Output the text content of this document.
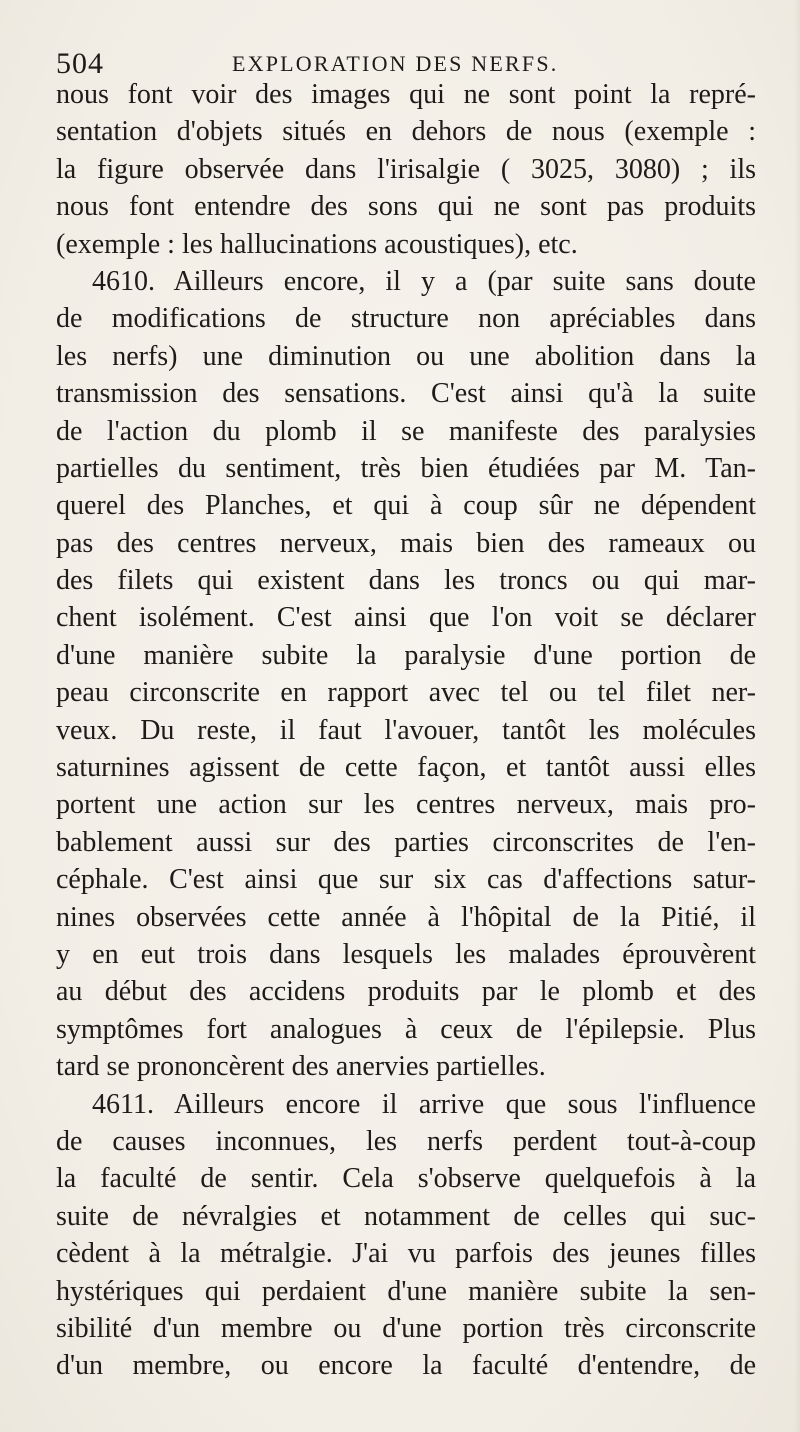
504	EXPLORATION DES NERFS.
nous font voir des images qui ne sont point la repré-
sentation d'objets situés en dehors de nous (exemple :
la figure observée dans l'irisalgie ( 3025, 3080) ; ils
nous font entendre des sons qui ne sont pas produits
(exemple : les hallucinations acoustiques), etc.
4610. Ailleurs encore, il y a (par suite sans doute
de modifications de structure non apréciables dans
les nerfs) une diminution ou une abolition dans la
transmission des sensations. C'est ainsi qu'à la suite
de l'action du plomb il se manifeste des paralysies
partielles du sentiment, très bien étudiées par M. Tan-
querel des Planches, et qui à coup sûr ne dépendent
pas des centres nerveux, mais bien des rameaux ou
des filets qui existent dans les troncs ou qui mar-
chent isolément. C'est ainsi que l'on voit se déclarer
d'une manière subite la paralysie d'une portion de
peau circonscrite en rapport avec tel ou tel filet ner-
veux. Du reste, il faut l'avouer, tantôt les molécules
saturnines agissent de cette façon, et tantôt aussi elles
portent une action sur les centres nerveux, mais pro-
bablement aussi sur des parties circonscrites de l'en-
céphale. C'est ainsi que sur six cas d'affections satur-
nines observées cette année à l'hôpital de la Pitié, il
y en eut trois dans lesquels les malades éprouvèrent
au début des accidens produits par le plomb et des
symptômes fort analogues à ceux de l'épilepsie. Plus
tard se prononcèrent des anervies partielles.
4611. Ailleurs encore il arrive que sous l'influence
de causes inconnues, les nerfs perdent tout-à-coup
la faculté de sentir. Cela s'observe quelquefois à la
suite de névralgies et notamment de celles qui suc-
cèdent à la métralgie. J'ai vu parfois des jeunes filles
hystériques qui perdaient d'une manière subite la sen-
sibilité d'un membre ou d'une portion très circonscrite
d'un membre, ou encore la faculté d'entendre, de
